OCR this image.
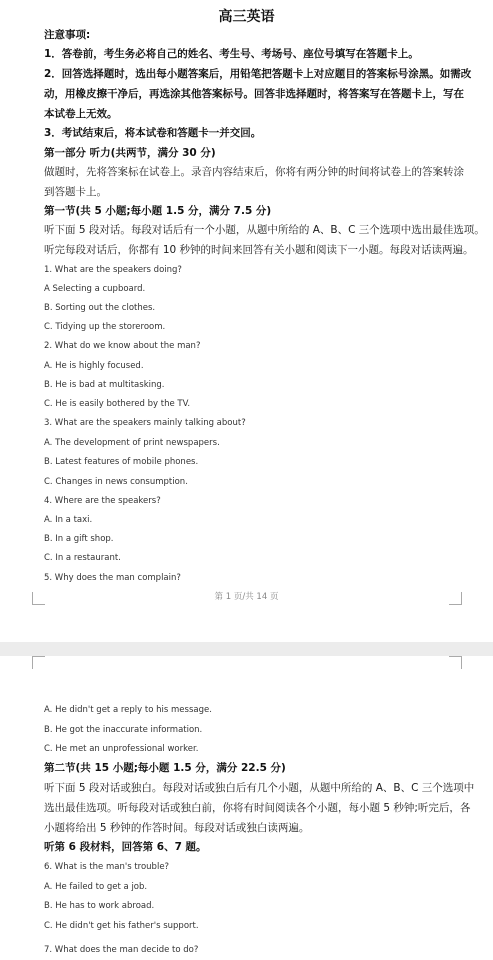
高三英语
注意事项:
1．答卷前，考生务必将自己的姓名、考生号、考场号、座位号填写在答题卡上。
2．回答选择题时，选出每小题答案后，用铅笔把答题卡上对应题目的答案标号涂黑。如需改
动，用橡皮擦干净后，再选涂其他答案标号。回答非选择题时，将答案写在答题卡上，写在
本试卷上无效。
3．考试结束后，将本试卷和答题卡一并交回。
第一部分 听力(共两节，满分 30 分)
做题时，先将答案标在试卷上。录音内容结束后，你将有两分钟的时间将试卷上的答案转涂
到答题卡上。
第一节(共 5 小题;每小题 1.5 分，满分 7.5 分)
听下面 5 段对话。每段对话后有一个小题，从题中所给的 A、B、C 三个选项中选出最佳选项。
听完每段对话后，你都有 10 秒钟的时间来回答有关小题和阅读下一小题。每段对话读两遍。
1. What are the speakers doing?
A Selecting a cupboard.
B. Sorting out the clothes.
C. Tidying up the storeroom.
2. What do we know about the man?
A. He is highly focused.
B. He is bad at multitasking.
C. He is easily bothered by the TV.
3. What are the speakers mainly talking about?
A. The development of print newspapers.
B. Latest features of mobile phones.
C. Changes in news consumption.
4. Where are the speakers?
A. In a taxi.
B. In a gift shop.
C. In a restaurant.
5. Why does the man complain?
第 1 页/共 14 页
A. He didn't get a reply to his message.
B. He got the inaccurate information.
C. He met an unprofessional worker.
第二节(共 15 小题;每小题 1.5 分，满分 22.5 分)
听下面 5 段对话或独白。每段对话或独白后有几个小题，从题中所给的 A、B、C 三个选项中
选出最佳选项。听每段对话或独白前，你将有时间阅读各个小题，每小题 5 秒钟;听完后，各
小题将给出 5 秒钟的作答时间。每段对话或独白读两遍。
听第 6 段材料，回答第 6、7 题。
6. What is the man's trouble?
A. He failed to get a job.
B. He has to work abroad.
C. He didn't get his father's support.
7. What does the man decide to do?
